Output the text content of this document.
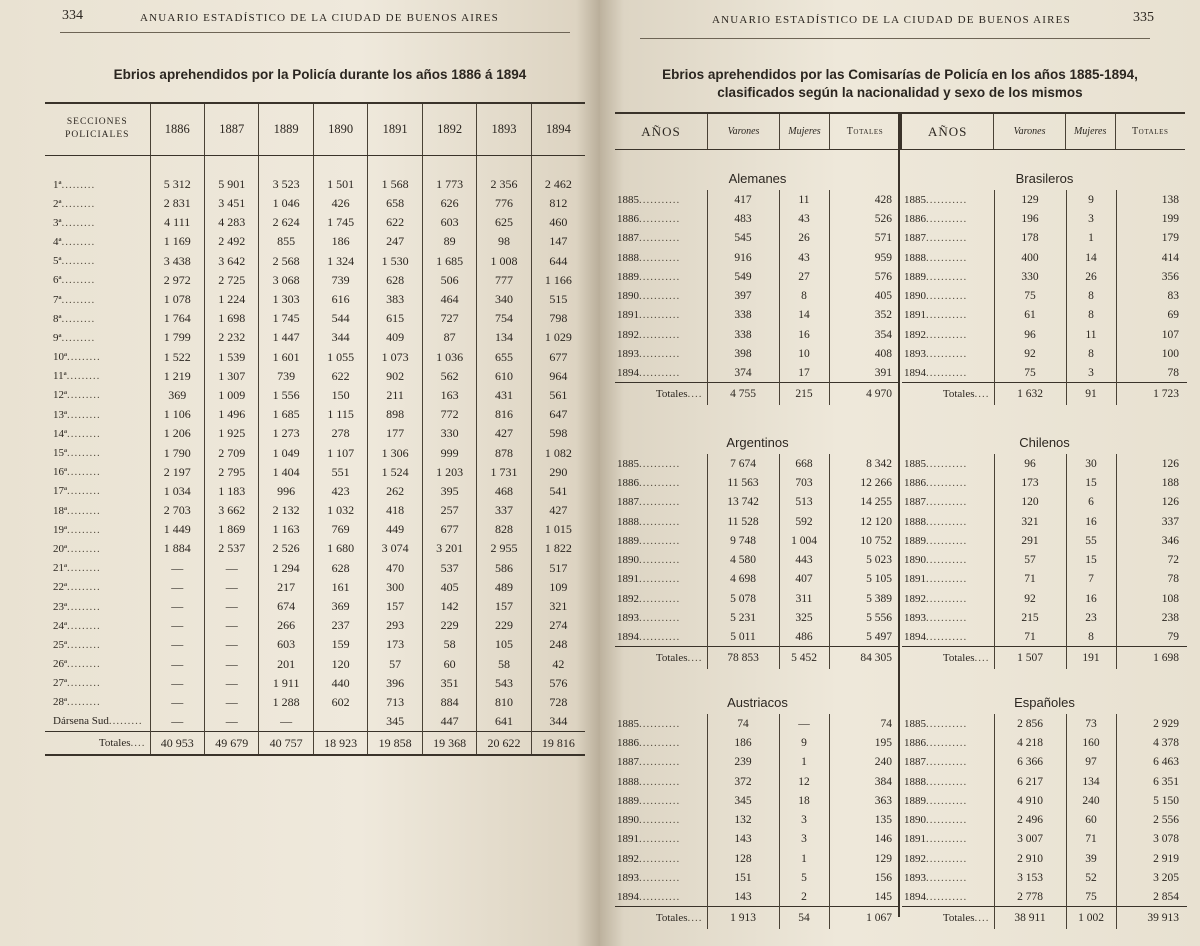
334	ANUARIO ESTADÍSTICO DE LA CIUDAD DE BUENOS AIRES
Ebrios aprehendidos por la Policía durante los años 1886 á 1894
SECCIONES POLICIALES	1886	1887	1889	1890	1891	1892	1893	1894
1ª.........	5 312	5 901	3 523	1 501	1 568	1 773	2 356	2 462
2ª.........	2 831	3 451	1 046	426	658	626	776	812
3ª.........	4 111	4 283	2 624	1 745	622	603	625	460
4ª.........	1 169	2 492	855	186	247	89	98	147
5ª.........	3 438	3 642	2 568	1 324	1 530	1 685	1 008	644
6ª.........	2 972	2 725	3 068	739	628	506	777	1 166
7ª.........	1 078	1 224	1 303	616	383	464	340	515
8ª.........	1 764	1 698	1 745	544	615	727	754	798
9ª.........	1 799	2 232	1 447	344	409	87	134	1 029
10ª.........	1 522	1 539	1 601	1 055	1 073	1 036	655	677
11ª.........	1 219	1 307	739	622	902	562	610	964
12ª.........	369	1 009	1 556	150	211	163	431	561
13ª.........	1 106	1 496	1 685	1 115	898	772	816	647
14ª.........	1 206	1 925	1 273	278	177	330	427	598
15ª.........	1 790	2 709	1 049	1 107	1 306	999	878	1 082
16ª.........	2 197	2 795	1 404	551	1 524	1 203	1 731	290
17ª.........	1 034	1 183	996	423	262	395	468	541
18ª.........	2 703	3 662	2 132	1 032	418	257	337	427
19ª.........	1 449	1 869	1 163	769	449	677	828	1 015
20ª.........	1 884	2 537	2 526	1 680	3 074	3 201	2 955	1 822
21ª.........	—	—	1 294	628	470	537	586	517
22ª.........	—	—	217	161	300	405	489	109
23ª.........	—	—	674	369	157	142	157	321
24ª.........	—	—	266	237	293	229	229	274
25ª.........	—	—	603	159	173	58	105	248
26ª.........	—	—	201	120	57	60	58	42
27ª.........	—	—	1 911	440	396	351	543	576
28ª.........	—	—	1 288	602	713	884	810	728
Dársena Sud.........	—	—	—		345	447	641	344
Totales....	40 953	49 679	40 757	18 923	19 858	19 368	20 622	19 816
ANUARIO ESTADÍSTICO DE LA CIUDAD DE BUENOS AIRES	335
Ebrios aprehendidos por las Comisarías de Policía en los años 1885-1894,
clasificados según la nacionalidad y sexo de los mismos
AÑOS	Varones	Mujeres	Totales	AÑOS	Varones	Mujeres	Totales
Alemanes
1885...........	417	11	428
1886...........	483	43	526
1887...........	545	26	571
1888...........	916	43	959
1889...........	549	27	576
1890...........	397	8	405
1891...........	338	14	352
1892...........	338	16	354
1893...........	398	10	408
1894...........	374	17	391
Totales....	4 755	215	4 970
Argentinos
1885...........	7 674	668	8 342
1886...........	11 563	703	12 266
1887...........	13 742	513	14 255
1888...........	11 528	592	12 120
1889...........	9 748	1 004	10 752
1890...........	4 580	443	5 023
1891...........	4 698	407	5 105
1892...........	5 078	311	5 389
1893...........	5 231	325	5 556
1894...........	5 011	486	5 497
Totales....	78 853	5 452	84 305
Austriacos
1885...........	74	—	74
1886...........	186	9	195
1887...........	239	1	240
1888...........	372	12	384
1889...........	345	18	363
1890...........	132	3	135
1891...........	143	3	146
1892...........	128	1	129
1893...........	151	5	156
1894...........	143	2	145
Totales....	1 913	54	1 067
Brasileros
1885...........	129	9	138
1886...........	196	3	199
1887...........	178	1	179
1888...........	400	14	414
1889...........	330	26	356
1890...........	75	8	83
1891...........	61	8	69
1892...........	96	11	107
1893...........	92	8	100
1894...........	75	3	78
Totales....	1 632	91	1 723
Chilenos
1885...........	96	30	126
1886...........	173	15	188
1887...........	120	6	126
1888...........	321	16	337
1889...........	291	55	346
1890...........	57	15	72
1891...........	71	7	78
1892...........	92	16	108
1893...........	215	23	238
1894...........	71	8	79
Totales....	1 507	191	1 698
Españoles
1885...........	2 856	73	2 929
1886...........	4 218	160	4 378
1887...........	6 366	97	6 463
1888...........	6 217	134	6 351
1889...........	4 910	240	5 150
1890...........	2 496	60	2 556
1891...........	3 007	71	3 078
1892...........	2 910	39	2 919
1893...........	3 153	52	3 205
1894...........	2 778	75	2 854
Totales....	38 911	1 002	39 913
